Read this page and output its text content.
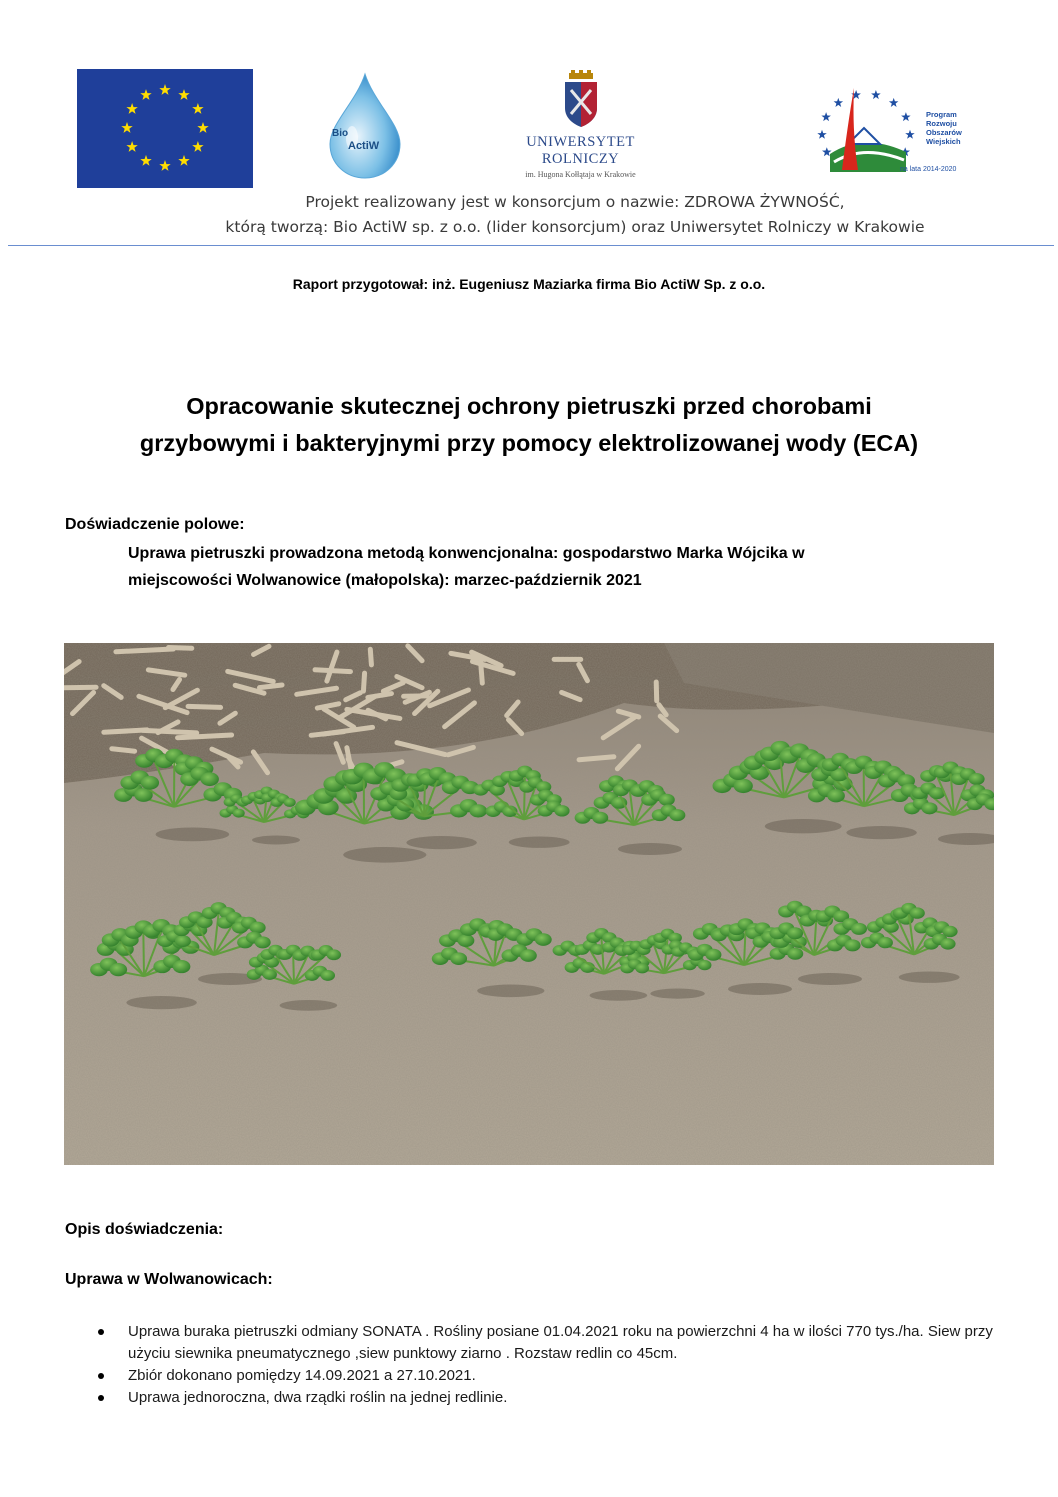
Bio
ActiW	UNIWERSYTET ROLNICZY
im. Hugona Kołłątaja w Krakowie
Program
Rozwoju
Obszarów
Wiejskich
na lata 2014-2020
Projekt realizowany jest w konsorcjum o nazwie: ZDROWA ŻYWNOŚĆ,
którą tworzą: Bio ActiW sp. z o.o. (lider konsorcjum) oraz Uniwersytet Rolniczy w Krakowie
Raport przygotował: inż. Eugeniusz Maziarka firma Bio ActiW Sp. z o.o.
Opracowanie skutecznej ochrony pietruszki przed chorobami
grzybowymi i bakteryjnymi przy pomocy elektrolizowanej wody (ECA)
Doświadczenie polowe:
Uprawa pietruszki prowadzona metodą konwencjonalna: gospodarstwo Marka Wójcika w
miejscowości Wolwanowice (małopolska): marzec-październik 2021
Opis doświadczenia:
Uprawa w Wolwanowicach:
Uprawa buraka pietruszki odmiany SONATA . Rośliny posiane 01.04.2021 roku na powierzchni 4 ha w ilości 770 tys./ha. Siew przy użyciu siewnika pneumatycznego ,siew punktowy ziarno . Rozstaw redlin co 45cm.
Zbiór dokonano pomiędzy 14.09.2021 a 27.10.2021.
Uprawa jednoroczna, dwa rządki roślin na jednej redlinie.
